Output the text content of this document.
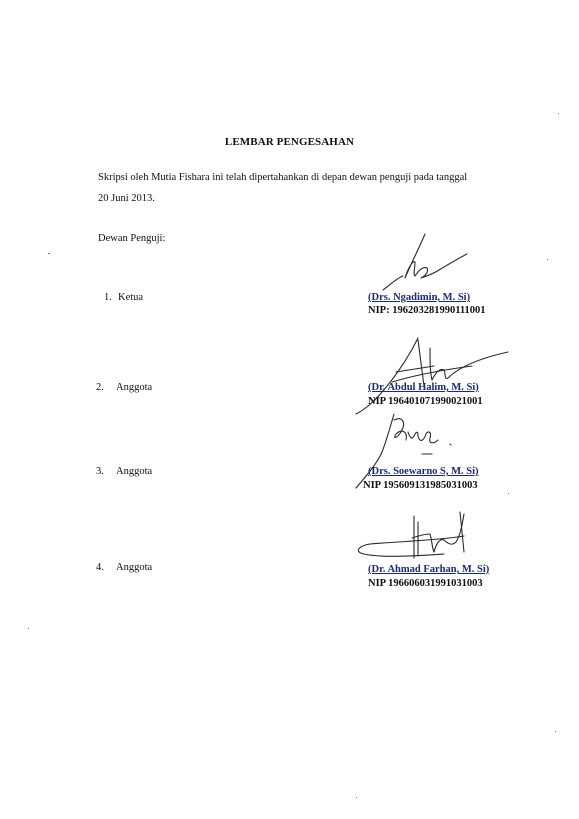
LEMBAR PENGESAHAN
Skripsi oleh Mutia Fishara ini telah dipertahankan di depan dewan penguji pada tanggal
20 Juni 2013.
Dewan Penguji:
1. Ketua	(Drs. Ngadimin, M. Si)
NIP: 196203281990111001
2. Anggota	(Dr. Abdul Halim, M. Si)
NIP 196401071990021001
3. Anggota	(Drs. Soewarno S, M. Si)
NIP 195609131985031003
4. Anggota	(Dr. Ahmad Farhan, M. Si)
NIP 196606031991031003
